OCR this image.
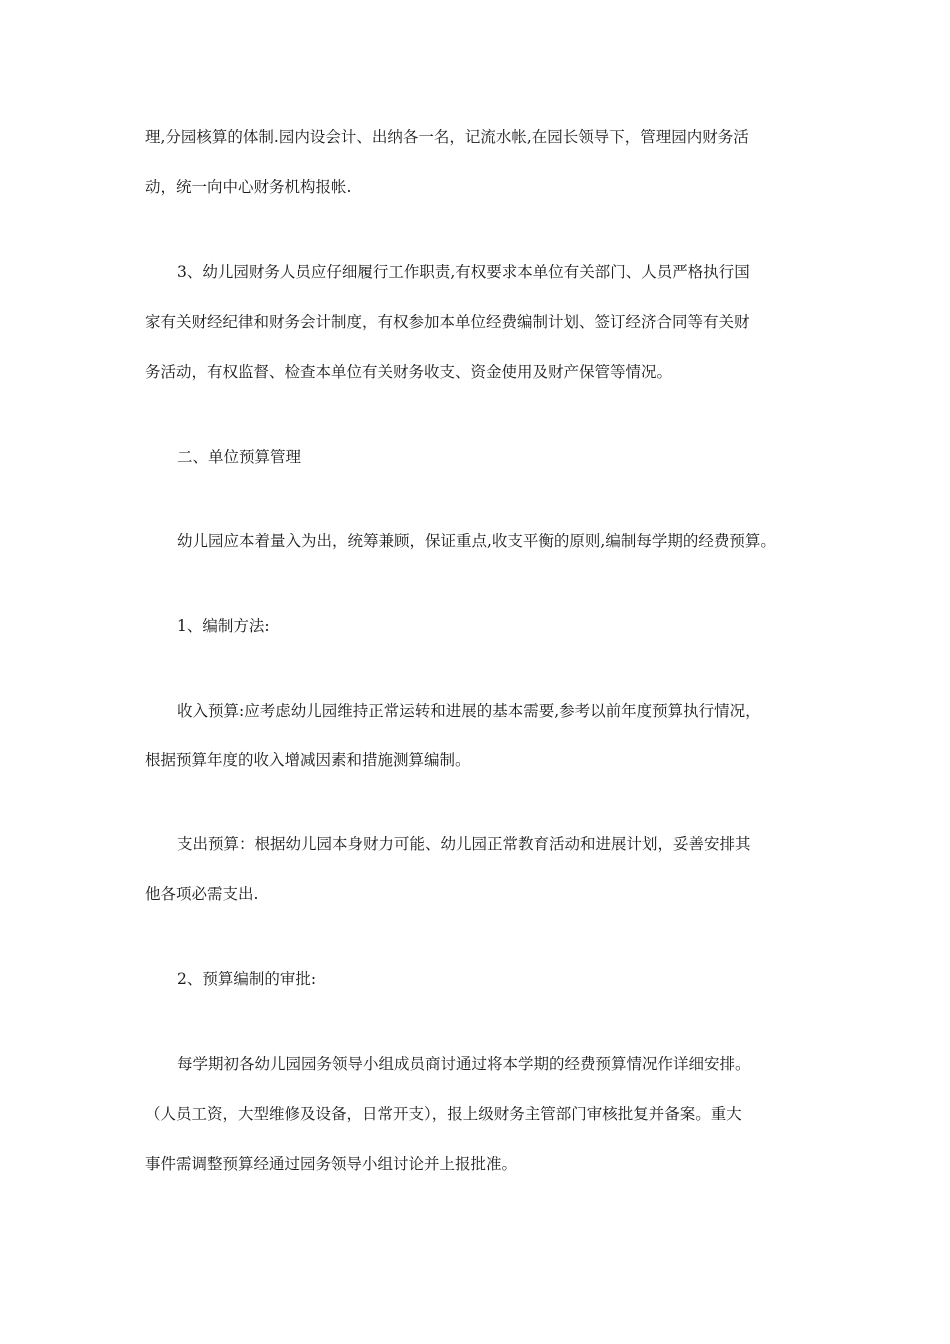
理,分园核算的体制.园内设会计、出纳各一名，记流水帐,在园长领导下，管理园内财务活
动，统一向中心财务机构报帐.
3、幼儿园财务人员应仔细履行工作职责,有权要求本单位有关部门、人员严格执行国
家有关财经纪律和财务会计制度，有权参加本单位经费编制计划、签订经济合同等有关财
务活动，有权监督、检查本单位有关财务收支、资金使用及财产保管等情况。
二、单位预算管理
幼儿园应本着量入为出，统筹兼顾，保证重点,收支平衡的原则,编制每学期的经费预算。
1、编制方法:
收入预算:应考虑幼儿园维持正常运转和进展的基本需要,参考以前年度预算执行情况，
根据预算年度的收入增减因素和措施测算编制。
支出预算：根据幼儿园本身财力可能、幼儿园正常教育活动和进展计划，妥善安排其
他各项必需支出.
2、预算编制的审批:
每学期初各幼儿园园务领导小组成员商讨通过将本学期的经费预算情况作详细安排。
（人员工资，大型维修及设备，日常开支），报上级财务主管部门审核批复并备案。重大
事件需调整预算经通过园务领导小组讨论并上报批准。
